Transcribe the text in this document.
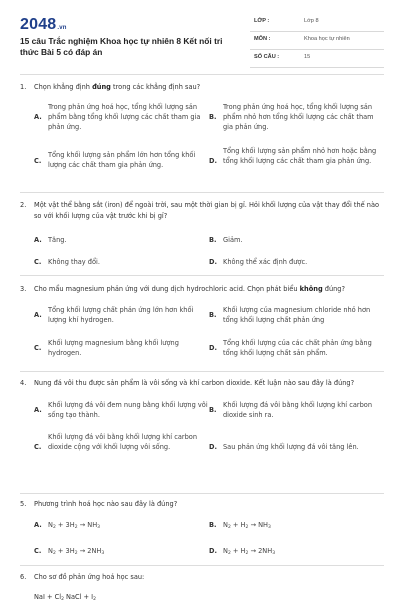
2048.vn
15 câu Trắc nghiệm Khoa học tự nhiên 8 Kết nối tri thức Bài 5 có đáp án
LỚP :	Lớp 8
MÔN :	Khoa học tự nhiên
SỐ CÂU :	15
1. Chọn khẳng định đúng trong các khẳng định sau?
A.
Trong phản ứng hoá học, tổng khối lượng sản phẩm bằng tổng khối lượng các chất tham gia phản ứng.
B.
Trong phản ứng hoá học, tổng khối lượng sản phẩm nhỏ hơn tổng khối lượng các chất tham gia phản ứng.
C.
Tổng khối lượng sản phẩm lớn hơn tổng khối lượng các chất tham gia phản ứng.	D.
Tổng khối lượng sản phẩm nhỏ hơn hoặc bằng tổng khối lượng các chất tham gia phản ứng.
2. Một vật thể bằng sắt (iron) để ngoài trời, sau một thời gian bị gỉ. Hỏi khối lượng của vật thay đổi thế nào so với khối lượng của vật trước khi bị gỉ?
A. Tăng.	B. Giảm.
C. Không thay đổi.	D. Không thể xác định được.
3. Cho mẩu magnesium phản ứng với dung dịch hydrochloric acid. Chọn phát biểu không đúng?
A.
Tổng khối lượng chất phản ứng lớn hơn khối lượng khí hydrogen.
B.
Khối lượng của magnesium chloride nhỏ hơn tổng khối lượng chất phản ứng
C.
Khối lượng magnesium bằng khối lượng hydrogen.
D.
Tổng khối lượng của các chất phản ứng bằng tổng khối lượng chất sản phẩm.
4. Nung đá vôi thu được sản phẩm là vôi sống và khí carbon dioxide. Kết luận nào sau đây là đúng?
A.
Khối lượng đá vôi đem nung bằng khối lượng vôi sống tạo thành.
B.
Khối lượng đá vôi bằng khối lượng khí carbon dioxide sinh ra.
C.
Khối lượng đá vôi bằng khối lượng khí carbon dioxide cộng với khối lượng vôi sống.	D. Sau phản ứng khối lượng đá vôi tăng lên.
5. Phương trình hoá học nào sau đây là đúng?
A. $N_2 + 3H_2 \to NH_3$	B. $N_2 + H_2 \to NH_3$
C. $N_2 + 3H_2 \to 2NH_3$	D. $N_2 + H_2 \to 2NH_3$
6. Cho sơ đồ phản ứng hoá học sau:
NaI + $Cl_2$ NaCl + $I_2$
